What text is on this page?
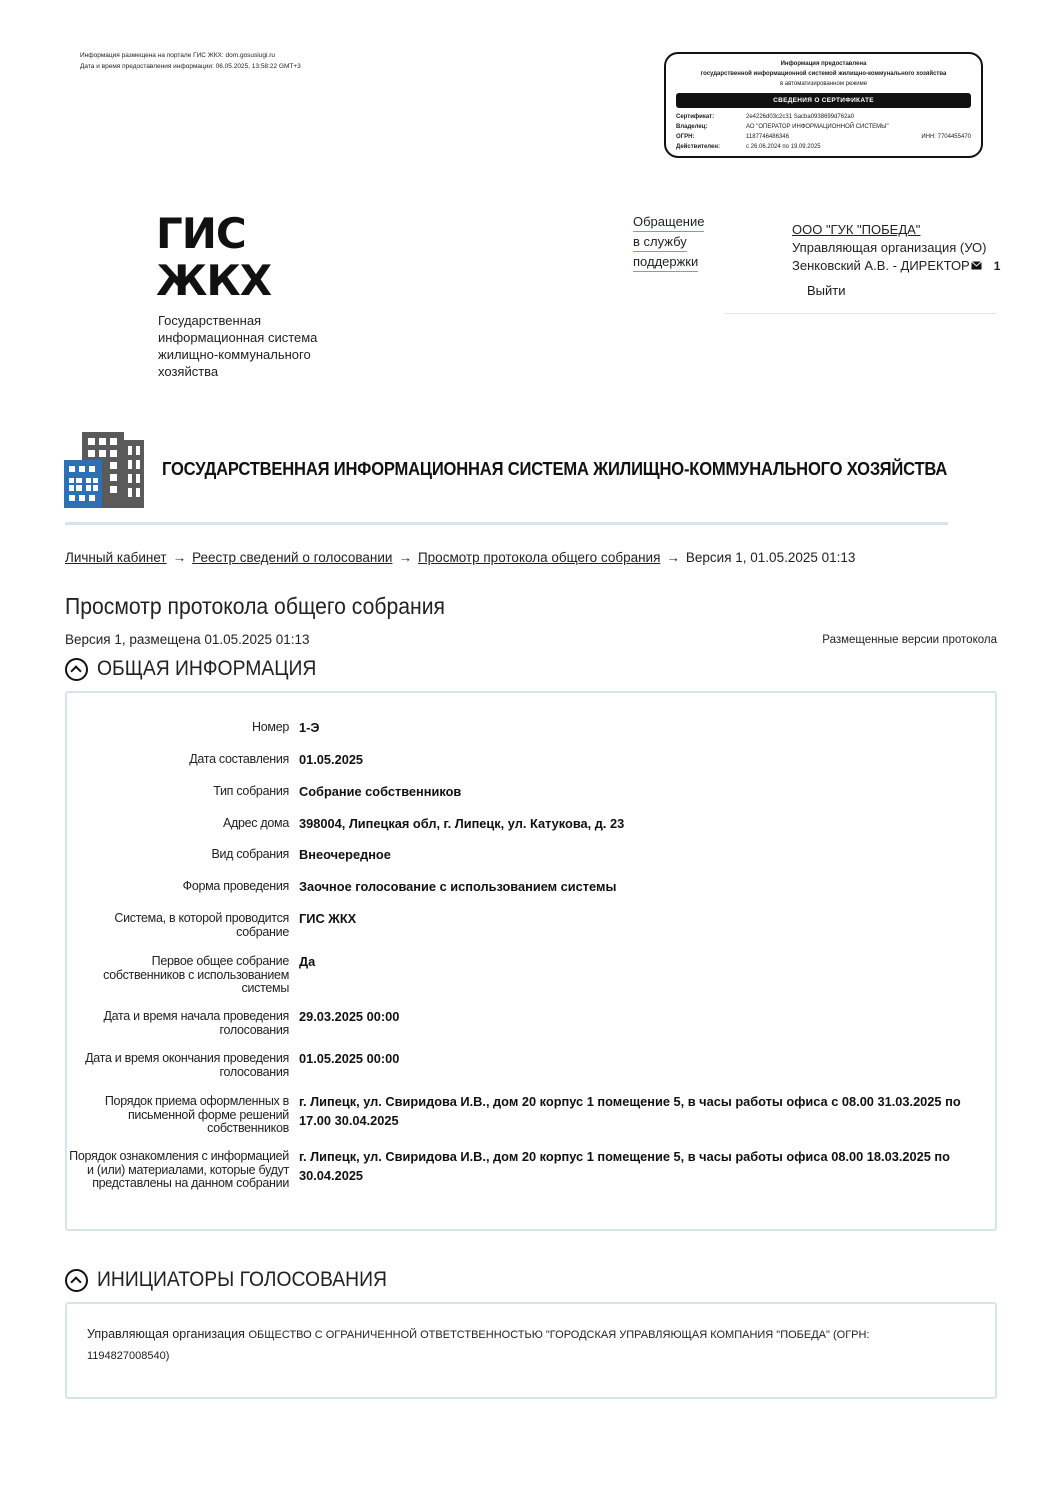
Информация размещена на портале ГИС ЖКХ: dom.gosuslugi.ru
Дата и время предоставления информации: 06.05.2025, 13:58:22 GMT+3	Информация предоставлена
государственной информационной системой жилищно-коммунального хозяйства
в автоматизированном режиме
СВЕДЕНИЯ О СЕРТИФИКАТЕ
Сертификат:	2e4226d03c2c31 Sacba0938699d762a0
Владелец:	АО "ОПЕРАТОР ИНФОРМАЦИОННОЙ СИСТЕМЫ"
ОГРН:	1187746486346	ИНН: 7704455470
Действителен:	с 26.06.2024 по 19.09.2025
ГИС
ЖКХ
Государственная
информационная система
жилищно-коммунального
хозяйства
Обращение
в службу
поддержки
ООО "ГУК "ПОБЕДА"
Управляющая организация (УО)
Зенковский А.В. - ДИРЕКТОР 1
Выйти
ГОСУДАРСТВЕННАЯ ИНФОРМАЦИОННАЯ СИСТЕМА ЖИЛИЩНО-КОММУНАЛЬНОГО ХОЗЯЙСТВА
Личный кабинет → Реестр сведений о голосовании → Просмотр протокола общего собрания → Версия 1, 01.05.2025 01:13
Просмотр протокола общего собрания
Версия 1, размещена 01.05.2025 01:13	Размещенные версии протокола
ОБЩАЯ ИНФОРМАЦИЯ
Номер 1-Э
Дата составления 01.05.2025
Тип собрания Собрание собственников
Адрес дома 398004, Липецкая обл, г. Липецк, ул. Катукова, д. 23
Вид собрания Внеочередное
Форма проведения Заочное голосование с использованием системы
Система, в которой проводится собрание
ГИС ЖКХ
Первое общее собрание собственников с использованием системы
Да
Дата и время начала проведения голосования
29.03.2025 00:00
Дата и время окончания проведения голосования
01.05.2025 00:00
Порядок приема оформленных в письменной форме решений собственников
г. Липецк, ул. Свиридова И.В., дом 20 корпус 1 помещение 5, в часы работы офиса с 08.00 31.03.2025 по 17.00 30.04.2025
Порядок ознакомления с информацией и (или) материалами, которые будут представлены на данном собрании
г. Липецк, ул. Свиридова И.В., дом 20 корпус 1 помещение 5, в часы работы офиса 08.00 18.03.2025 по 30.04.2025
ИНИЦИАТОРЫ ГОЛОСОВАНИЯ
Управляющая организация ОБЩЕСТВО С ОГРАНИЧЕННОЙ ОТВЕТСТВЕННОСТЬЮ "ГОРОДСКАЯ УПРАВЛЯЮЩАЯ КОМПАНИЯ "ПОБЕДА" (ОГРН: 1194827008540)
